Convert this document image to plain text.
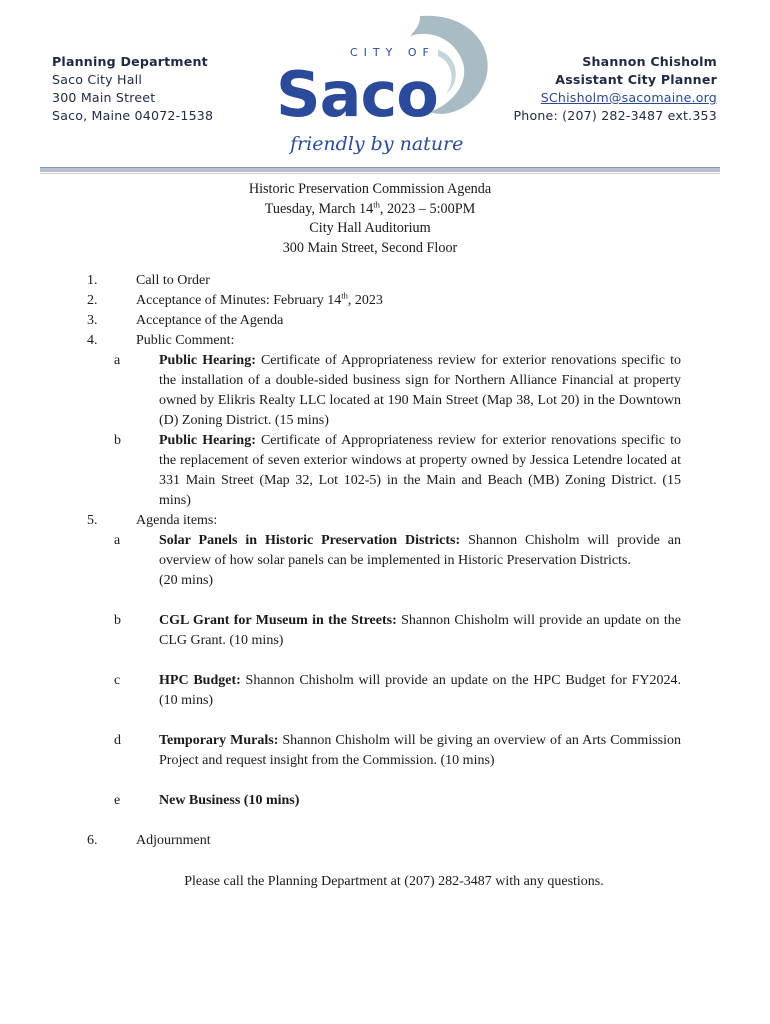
Planning Department
Saco City Hall
300 Main Street
Saco, Maine 04072-1538
CITY OF
Saco
friendly by nature
Shannon Chisholm
Assistant City Planner
SChisholm@sacomaine.org
Phone: (207) 282-3487 ext.353
Historic Preservation Commission Agenda
Tuesday, March 14th, 2023 – 5:00PM
City Hall Auditorium
300 Main Street, Second Floor
1.	Call to Order
2.	Acceptance of Minutes: February 14th, 2023
3.	Acceptance of the Agenda
4.	Public Comment:
a	Public Hearing: Certificate of Appropriateness review for exterior renovations specific to the installation of a double-sided business sign for Northern Alliance Financial at property owned by Elikris Realty LLC located at 190 Main Street (Map 38, Lot 20) in the Downtown (D) Zoning District. (15 mins)
b	Public Hearing: Certificate of Appropriateness review for exterior renovations specific to the replacement of seven exterior windows at property owned by Jessica Letendre located at 331 Main Street (Map 32, Lot 102-5) in the Main and Beach (MB) Zoning District. (15 mins)
5.	Agenda items:
a	Solar Panels in Historic Preservation Districts: Shannon Chisholm will provide an overview of how solar panels can be implemented in Historic Preservation Districts.
(20 mins)
b	CGL Grant for Museum in the Streets: Shannon Chisholm will provide an update on the CLG Grant. (10 mins)
c	HPC Budget: Shannon Chisholm will provide an update on the HPC Budget for FY2024. (10 mins)
d	Temporary Murals: Shannon Chisholm will be giving an overview of an Arts Commission Project and request insight from the Commission. (10 mins)
e	New Business (10 mins)
6.	Adjournment
Please call the Planning Department at (207) 282-3487 with any questions.
